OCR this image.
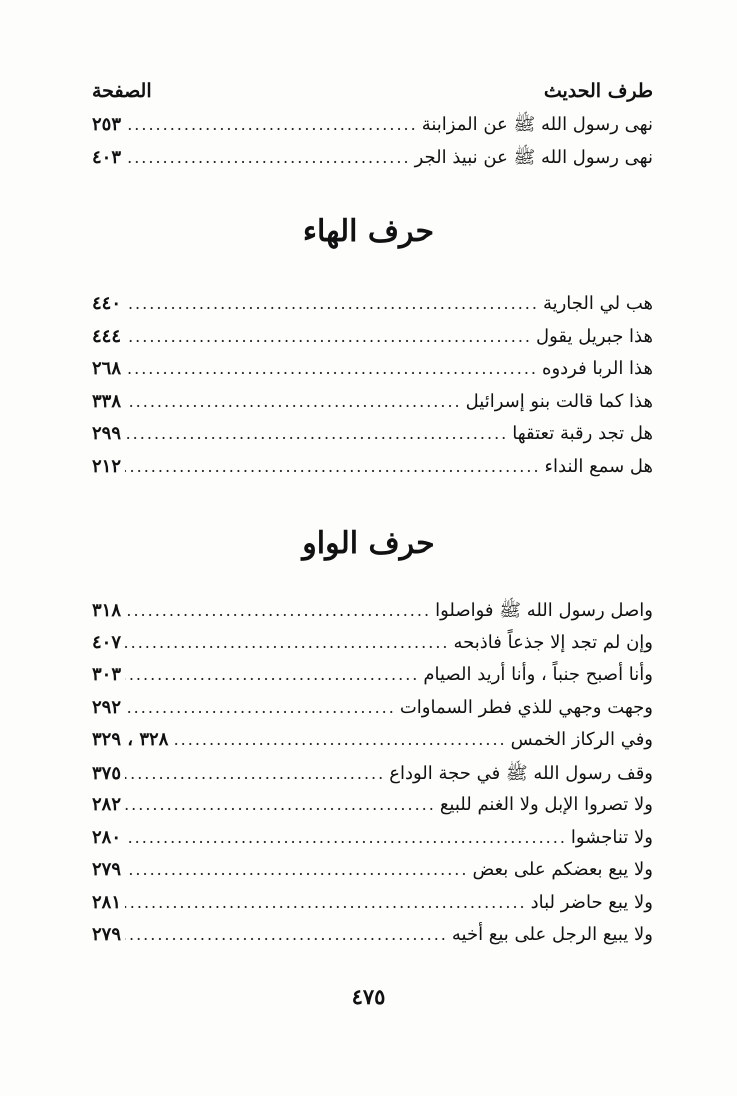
الصفحة	طرف الحديث
نهى رسول الله ﷺ عن المزابنة
.....
٢٥٣
نهى رسول الله ﷺ عن نبيذ الجر
.....
٤٠٣
حرف الهاء
هب لي الجارية
.....
٤٤٠
هذا جبريل يقول
.....
٤٤٤
هذا الربا فردوه
.....
٢٦٨
هذا كما قالت بنو إسرائيل
.....
٣٣٨
هل تجد رقبة تعتقها
.....
٢٩٩
هل سمع النداء
.....
٢١٢
حرف الواو
واصل رسول الله ﷺ فواصلوا
.....
٣١٨
وإن لم تجد إلا جذعاً فاذبحه
.....
٤٠٧
وأنا أصبح جنباً ، وأنا أريد الصيام
.....
٣٠٣
وجهت وجهي للذي فطر السماوات
.....
٢٩٢
وفي الركاز الخمس
.....
٣٢٨ ، ٣٢٩
وقف رسول الله ﷺ في حجة الوداع
.....
٣٧٥
ولا تصروا الإبل ولا الغنم للبيع
.....
٢٨٢
ولا تناجشوا
.....
٢٨٠
ولا يبع بعضكم على بعض
.....
٢٧٩
ولا يبع حاضر لباد
.....
٢٨١
ولا يبيع الرجل على بيع أخيه
.....
٢٧٩
٤٧٥
